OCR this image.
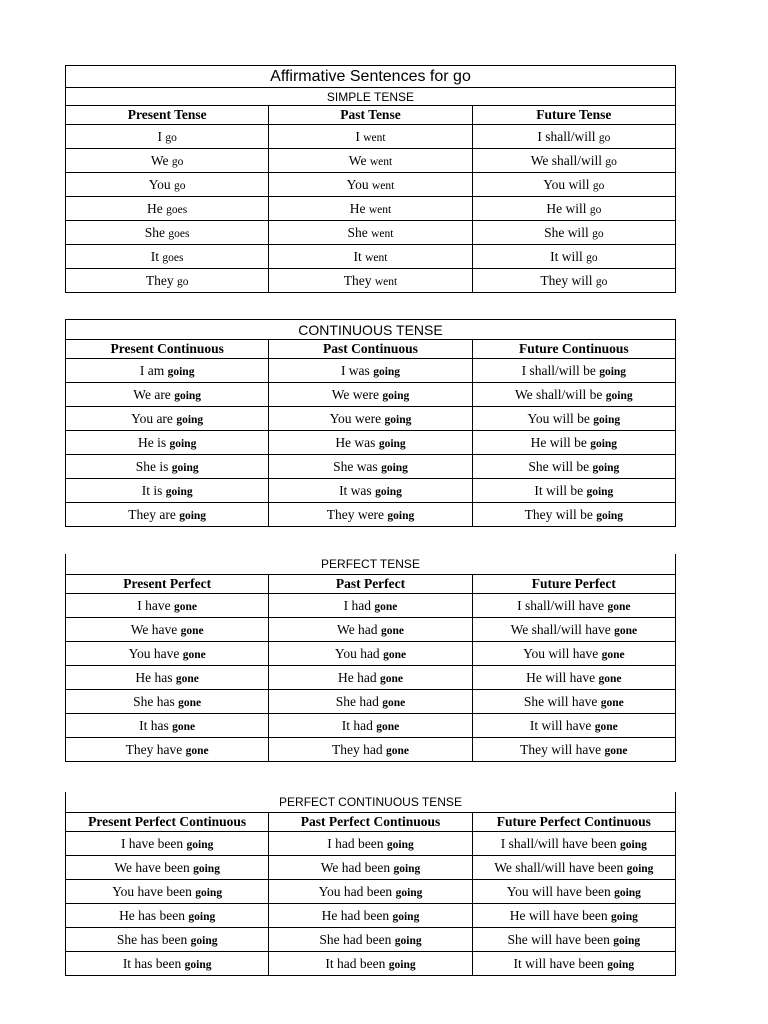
Affirmative Sentences for go		
SIMPLE TENSE		
Present Tense	Past Tense	Future Tense
I go	I went	I shall/will go
We go	We went	We shall/will go
You go	You went	You will go
He goes	He went	He will go
She goes	She went	She will go
It goes	It went	It will go
They go	They went	They will go
CONTINUOUS TENSE		
Present Continuous	Past Continuous	Future Continuous
I am going	I was going	I shall/will be going
We are going	We were going	We shall/will be going
You are going	You were going	You will be going
He is going	He was going	He will be going
She is going	She was going	She will be going
It is going	It was going	It will be going
They are going	They were going	They will be going
PERFECT TENSE		
Present Perfect	Past Perfect	Future Perfect
I have gone	I had gone	I shall/will have gone
We have gone	We had gone	We shall/will have gone
You have gone	You had gone	You will have gone
He has gone	He had gone	He will have gone
She has gone	She had gone	She will have gone
It has gone	It had gone	It will have gone
They have gone	They had gone	They will have gone
PERFECT CONTINUOUS TENSE		
Present Perfect Continuous	Past Perfect Continuous	Future Perfect Continuous
I have been going	I had been going	I shall/will have been going
We have been going	We had been going	We shall/will have been going
You have been going	You had been going	You will have been going
He has been going	He had been going	He will have been going
She has been going	She had been going	She will have been going
It has been going	It had been going	It will have been going
